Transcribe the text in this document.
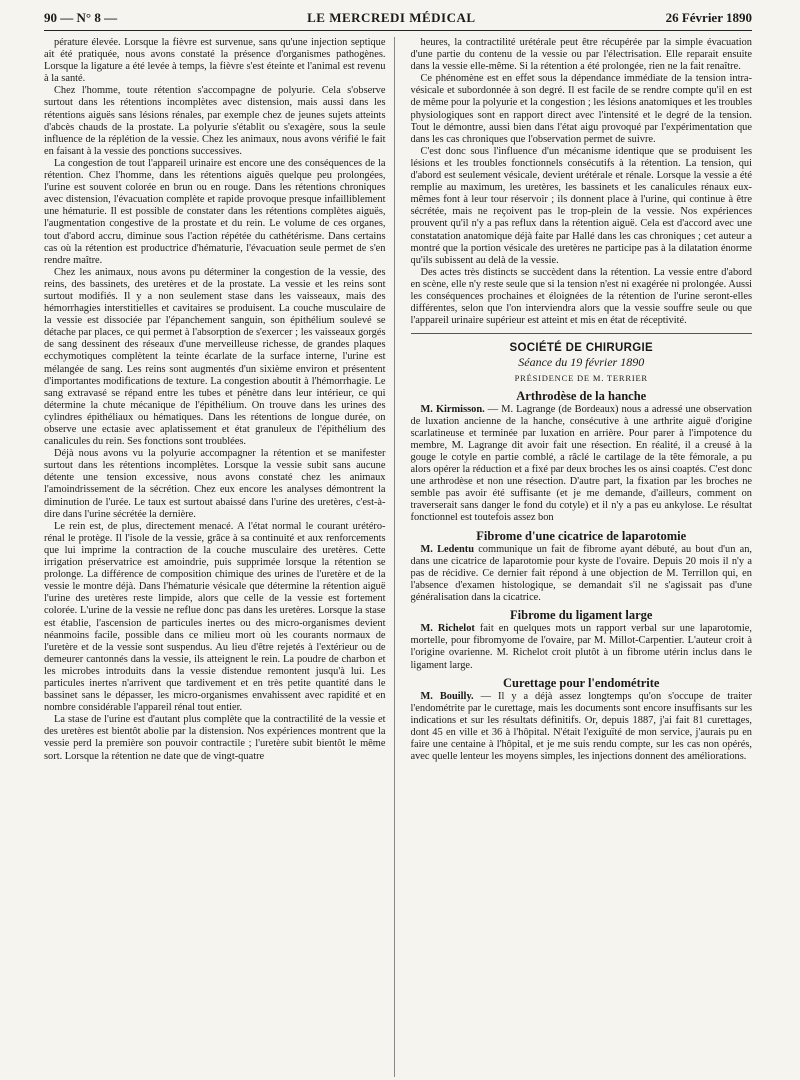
90 — N° 8 —	LE MERCREDI MÉDICAL	26 Février 1890

pérature élevée. Lorsque la fièvre est survenue, sans qu'une injection septique ait été pratiquée, nous avons constaté la présence d'organismes pathogènes. Lorsque la ligature a été levée à temps, la fièvre s'est éteinte et l'animal est revenu à la santé.

Chez l'homme, toute rétention s'accompagne de polyurie. Cela s'observe surtout dans les rétentions incomplètes avec distension, mais aussi dans les rétentions aiguës sans lésions rénales, par exemple chez de jeunes sujets atteints d'abcès chauds de la prostate. La polyurie s'établit ou s'exagère, sous la seule influence de la réplétion de la vessie. Chez les animaux, nous avons vérifié le fait en faisant à la vessie des ponctions successives.

La congestion de tout l'appareil urinaire est encore une des conséquences de la rétention. Chez l'homme, dans les rétentions aiguës quelque peu prolongées, l'urine est souvent colorée en brun ou en rouge. Dans les rétentions chroniques avec distension, l'évacuation complète et rapide provoque presque infailliblement une hématurie. Il est possible de constater dans les rétentions complètes aiguës, l'augmentation congestive de la prostate et du rein. Le volume de ces organes, tout d'abord accru, diminue sous l'action répétée du cathétérisme. Dans certains cas où la rétention est productrice d'hématurie, l'évacuation seule permet de s'en rendre maître.

Chez les animaux, nous avons pu déterminer la congestion de la vessie, des reins, des bassinets, des uretères et de la prostate. La vessie et les reins sont surtout modifiés. Il y a non seulement stase dans les vaisseaux, mais des hémorrhagies interstitielles et cavitaires se produisent. La couche musculaire de la vessie est dissociée par l'épanchement sanguin, son épithélium soulevé se détache par places, ce qui permet à l'absorption de s'exercer ; les vaisseaux gorgés de sang dessinent des réseaux d'une merveilleuse richesse, de grandes plaques ecchymotiques complètent la teinte écarlate de la surface interne, l'urine est mélangée de sang. Les reins sont augmentés d'un sixième environ et présentent d'importantes modifications de texture. La congestion aboutit à l'hémorrhagie. Le sang extravasé se répand entre les tubes et pénètre dans leur intérieur, ce qui détermine la chute mécanique de l'épithélium. On trouve dans les urines des cylindres épithéliaux ou hématiques. Dans les rétentions de longue durée, on observe une ectasie avec aplatissement et état granuleux de l'épithélium des canalicules du rein. Ses fonctions sont troublées.

Déjà nous avons vu la polyurie accompagner la rétention et se manifester surtout dans les rétentions incomplètes. Lorsque la vessie subit sans aucune détente une tension excessive, nous avons constaté chez les animaux l'amoindrissement de la sécrétion. Chez eux encore les analyses démontrent la diminution de l'urée. Le taux est surtout abaissé dans l'urine des uretères, c'est-à-dire dans l'urine sécrétée la dernière.

Le rein est, de plus, directement menacé. A l'état normal le courant urétéro-rénal le protège. Il l'isole de la vessie, grâce à sa continuité et aux renforcements que lui imprime la contraction de la couche musculaire des uretères. Cette irrigation préservatrice est amoindrie, puis supprimée lorsque la rétention se prolonge. La différence de composition chimique des urines de l'uretère et de la vessie le montre déjà. Dans l'hématurie vésicale que détermine la rétention aiguë l'urine des uretères reste limpide, alors que celle de la vessie est fortement colorée. L'urine de la vessie ne reflue donc pas dans les uretères. Lorsque la stase est établie, l'ascension de particules inertes ou des micro-organismes devient néanmoins facile, possible dans ce milieu mort où les courants normaux de l'uretère et de la vessie sont suspendus. Au lieu d'être rejetés à l'extérieur ou de demeurer cantonnés dans la vessie, ils atteignent le rein. La poudre de charbon et les microbes introduits dans la vessie distendue remontent jusqu'à lui. Les particules inertes n'arrivent que tardivement et en très petite quantité dans le bassinet sans le dépasser, les micro-organismes envahissent avec rapidité et en nombre considérable l'appareil rénal tout entier.

La stase de l'urine est d'autant plus complète que la contractilité de la vessie et des uretères est bientôt abolie par la distension. Nos expériences montrent que la vessie perd la première son pouvoir contractile ; l'uretère subit bientôt le même sort. Lorsque la rétention ne date que de vingt-quatre

heures, la contractilité urétérale peut être récupérée par la simple évacuation d'une partie du contenu de la vessie ou par l'électrisation. Elle reparait ensuite dans la vessie elle-même. Si la rétention a été prolongée, rien ne la fait renaître.

Ce phénomène est en effet sous la dépendance immédiate de la tension intra-vésicale et subordonnée à son degré. Il est facile de se rendre compte qu'il en est de même pour la polyurie et la congestion ; les lésions anatomiques et les troubles physiologiques sont en rapport direct avec l'intensité et le degré de la tension. Tout le démontre, aussi bien dans l'état aigu provoqué par l'expérimentation que dans les cas chroniques que l'observation permet de suivre.

C'est donc sous l'influence d'un mécanisme identique que se produisent les lésions et les troubles fonctionnels consécutifs à la rétention. La tension, qui d'abord est seulement vésicale, devient urétérale et rénale. Lorsque la vessie a été remplie au maximum, les uretères, les bassinets et les canalicules rénaux eux-mêmes font à leur tour réservoir ; ils donnent place à l'urine, qui continue à être sécrétée, mais ne reçoivent pas le trop-plein de la vessie. Nos expériences prouvent qu'il n'y a pas reflux dans la rétention aiguë. Cela est d'accord avec une constatation anatomique déjà faite par Hallé dans les cas chroniques ; cet auteur a montré que la portion vésicale des uretères ne participe pas à la dilatation énorme qu'ils subissent au delà de la vessie.

Des actes très distincts se succèdent dans la rétention. La vessie entre d'abord en scène, elle n'y reste seule que si la tension n'est ni exagérée ni prolongée. Aussi les conséquences prochaines et éloignées de la rétention de l'urine seront-elles différentes, selon que l'on interviendra alors que la vessie souffre seule ou que l'appareil urinaire supérieur est atteint et mis en état de réceptivité.

SOCIÉTÉ DE CHIRURGIE
Séance du 19 février 1890
PRÉSIDENCE DE M. TERRIER
Arthrodèse de la hanche

M. Kirmisson. — M. Lagrange (de Bordeaux) nous a adressé une observation de luxation ancienne de la hanche, consécutive à une arthrite aiguë d'origine scarlatineuse et terminée par luxation en arrière. Pour parer à l'impotence du membre, M. Lagrange dit avoir fait une résection. En réalité, il a creusé à la gouge le cotyle en partie comblé, a râclé le cartilage de la tête fémorale, a pu alors opérer la réduction et a fixé par deux broches les os ainsi coaptés. C'est donc une arthrodèse et non une résection. D'autre part, la fixation par les broches ne semble pas avoir été suffisante (et je me demande, d'ailleurs, comment on traverserait sans danger le fond du cotyle) et il n'y a pas eu ankylose. Le résultat fonctionnel est toutefois assez bon

Fibrome d'une cicatrice de laparotomie

M. Ledentu communique un fait de fibrome ayant débuté, au bout d'un an, dans une cicatrice de laparotomie pour kyste de l'ovaire. Depuis 20 mois il n'y a pas de récidive. Ce dernier fait répond à une objection de M. Terrillon qui, en l'absence d'examen histologique, se demandait s'il ne s'agissait pas d'une généralisation dans la cicatrice.

Fibrome du ligament large

M. Richelot fait en quelques mots un rapport verbal sur une laparotomie, mortelle, pour fibromyome de l'ovaire, par M. Millot-Carpentier. L'auteur croit à l'origine ovarienne. M. Richelot croit plutôt à un fibrome utérin inclus dans le ligament large.

Curettage pour l'endométrite

M. Bouilly. — Il y a déjà assez longtemps qu'on s'occupe de traiter l'endométrite par le curettage, mais les documents sont encore insuffisants sur les indications et sur les résultats définitifs. Or, depuis 1887, j'ai fait 81 curettages, dont 45 en ville et 36 à l'hôpital. N'était l'exiguïté de mon service, j'aurais pu en faire une centaine à l'hôpital, et je me suis rendu compte, sur les cas non opérés, avec quelle lenteur les moyens simples, les injections donnent des améliorations.
